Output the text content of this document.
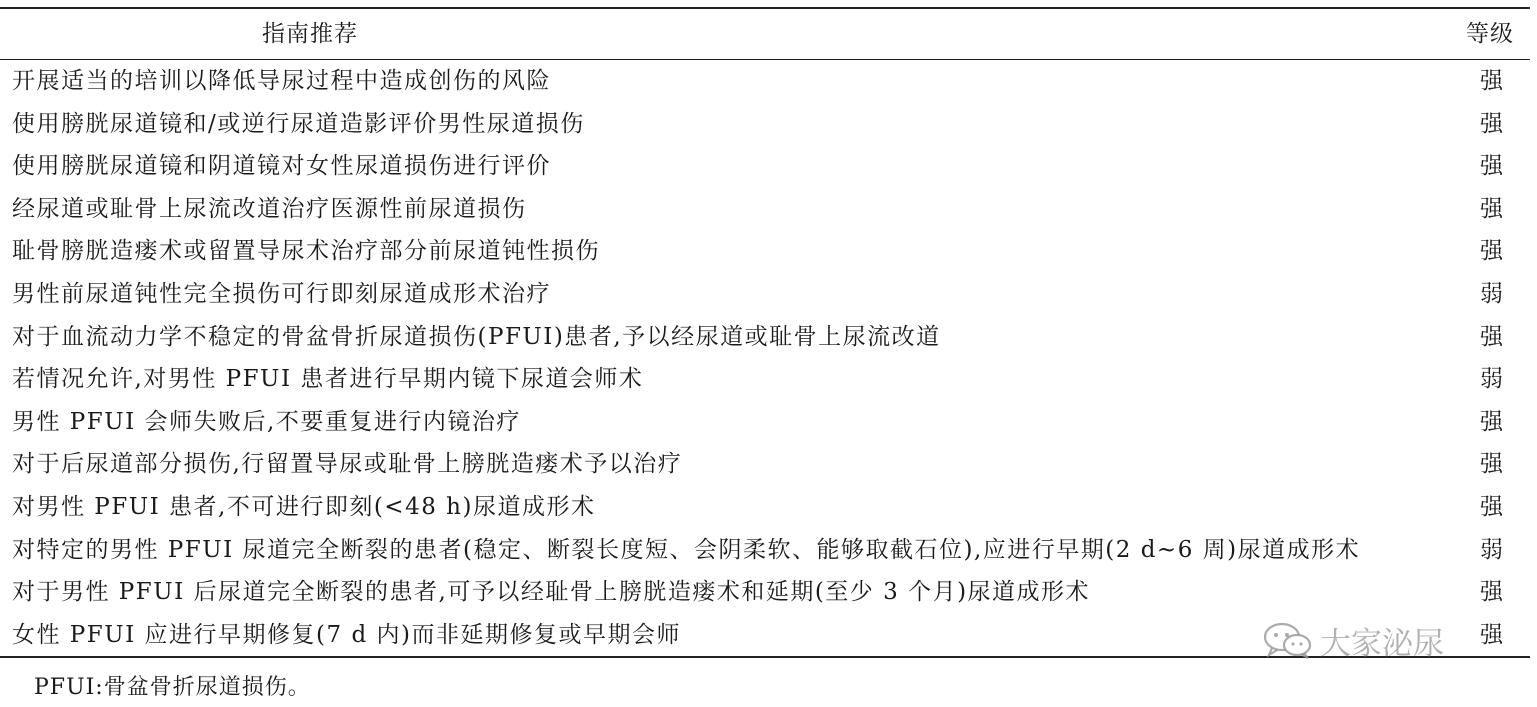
指南推荐	等级
开展适当的培训以降低导尿过程中造成创伤的风险	强
使用膀胱尿道镜和/或逆行尿道造影评价男性尿道损伤	强
使用膀胱尿道镜和阴道镜对女性尿道损伤进行评价	强
经尿道或耻骨上尿流改道治疗医源性前尿道损伤	强
耻骨膀胱造瘘术或留置导尿术治疗部分前尿道钝性损伤	强
男性前尿道钝性完全损伤可行即刻尿道成形术治疗	弱
对于血流动力学不稳定的骨盆骨折尿道损伤(PFUI)患者,予以经尿道或耻骨上尿流改道	强
若情况允许,对男性 PFUI 患者进行早期内镜下尿道会师术	弱
男性 PFUI 会师失败后,不要重复进行内镜治疗	强
对于后尿道部分损伤,行留置导尿或耻骨上膀胱造瘘术予以治疗	强
对男性 PFUI 患者,不可进行即刻(<48 h)尿道成形术	强
对特定的男性 PFUI 尿道完全断裂的患者(稳定、断裂长度短、会阴柔软、能够取截石位),应进行早期(2 d~6 周)尿道成形术	弱
对于男性 PFUI 后尿道完全断裂的患者,可予以经耻骨上膀胱造瘘术和延期(至少 3 个月)尿道成形术	强
女性 PFUI 应进行早期修复(7 d 内)而非延期修复或早期会师	强
大家泌尿
PFUI:骨盆骨折尿道损伤。
